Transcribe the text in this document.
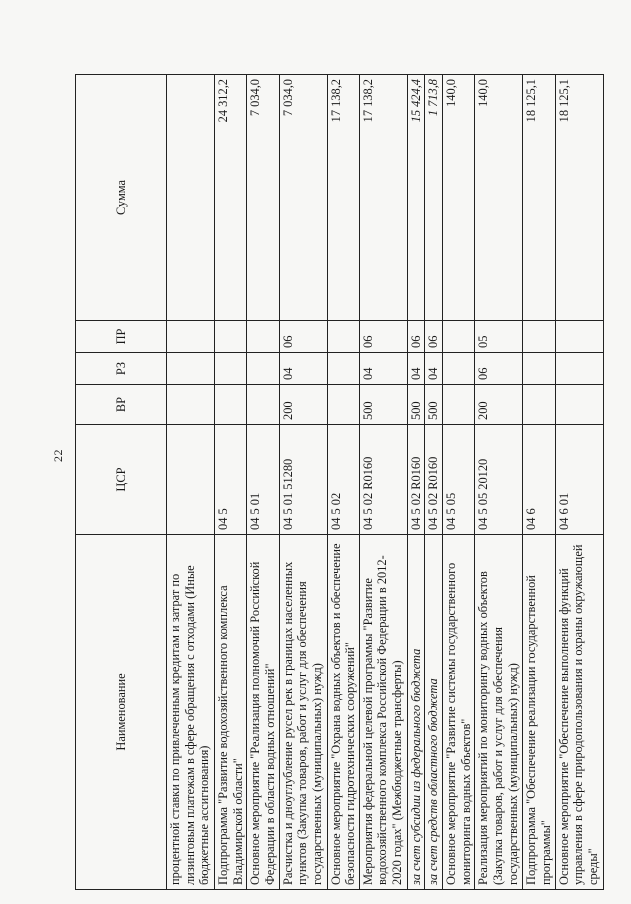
22
Наименование	ЦСР	ВР	РЗ	ПР	Сумма
процентной ставки по привлеченным кредитам и затрат по лизинговым платежам в сфере обращения с отходами (Иные бюджетные ассигнования)					
Подпрограмма "Развитие водохозяйственного комплекса Владимирской области"	04 5				24 312,2
Основное мероприятие "Реализация полномочий Российской Федерации в области водных отношений"	04 5 01				7 034,0
Расчистка и дноуглубление русел рек в границах населенных пунктов (Закупка товаров, работ и услуг для обеспечения государственных (муниципальных) нужд)	04 5 01 51280	200	04	06	7 034,0
Основное мероприятие "Охрана водных объектов и обеспечение безопасности гидротехнических сооружений"	04 5 02				17 138,2
Мероприятия федеральной целевой программы "Развитие водохозяйственного комплекса Российской Федерации в 2012-2020 годах" (Межбюджетные трансферты)	04 5 02 R0160	500	04	06	17 138,2
за счет субсидии из федерального бюджета	04 5 02 R0160	500	04	06	15 424,4
за счет средств областного бюджета	04 5 02 R0160	500	04	06	1 713,8
Основное мероприятие "Развитие системы государственного мониторинга водных объектов"	04 5 05				140,0
Реализация мероприятий по мониторингу водных объектов (Закупка товаров, работ и услуг для обеспечения государственных (муниципальных) нужд)	04 5 05 20120	200	06	05	140,0
Подпрограмма "Обеспечение реализации государственной программы"	04 6				18 125,1
Основное мероприятие "Обеспечение выполнения функций управления в сфере природопользования и охраны окружающей среды"	04 6 01				18 125,1
